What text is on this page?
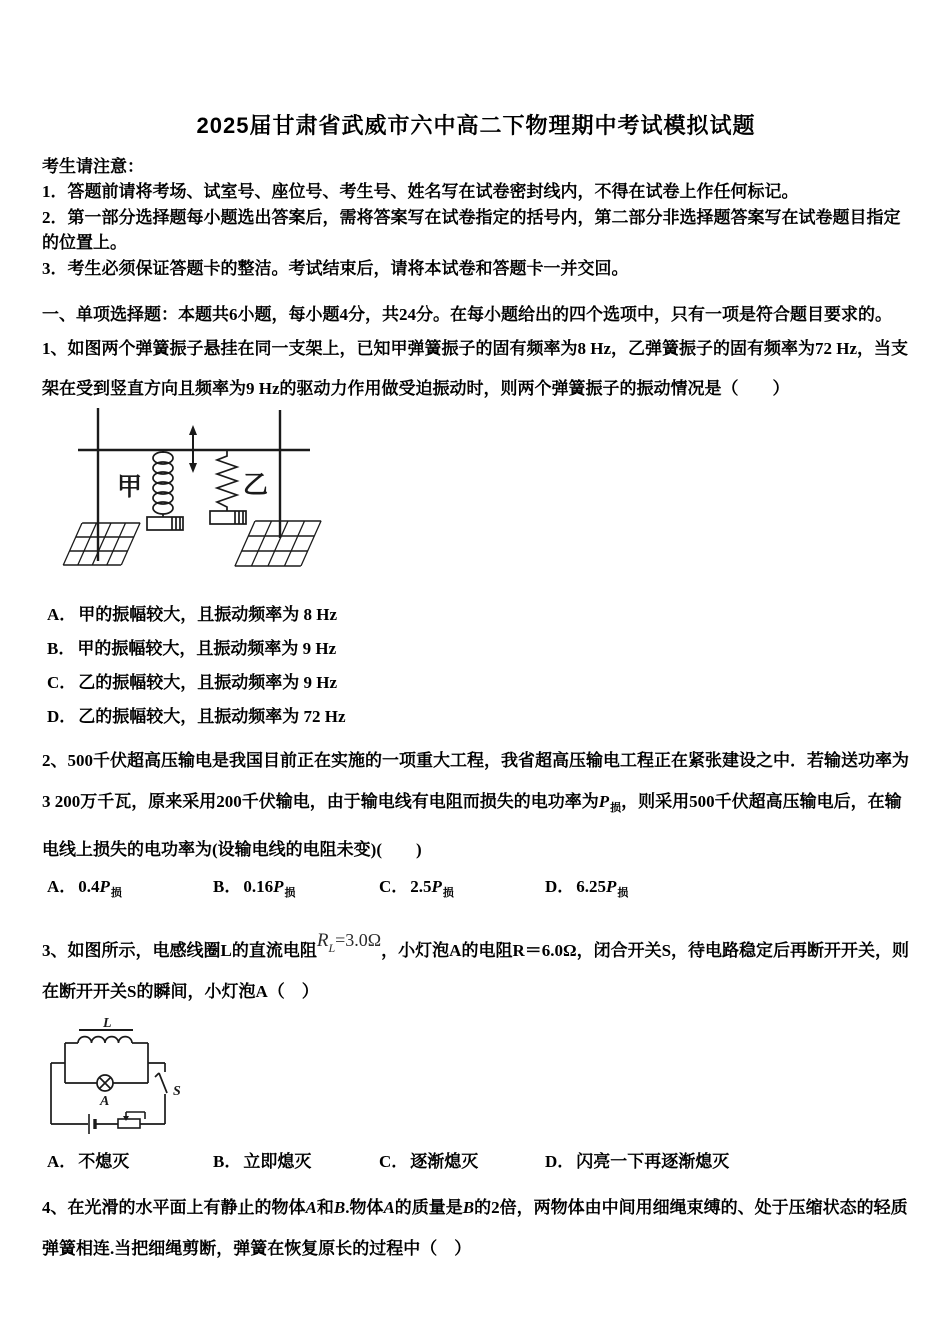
2025届甘肃省武威市六中高二下物理期中考试模拟试题

考生请注意：

1．答题前请将考场、试室号、座位号、考生号、姓名写在试卷密封线内，不得在试卷上作任何标记。

2．第一部分选择题每小题选出答案后，需将答案写在试卷指定的括号内，第二部分非选择题答案写在试卷题目指定的位置上。

3．考生必须保证答题卡的整洁。考试结束后，请将本试卷和答题卡一并交回。

一、单项选择题：本题共6小题，每小题4分，共24分。在每小题给出的四个选项中，只有一项是符合题目要求的。

1、如图两个弹簧振子悬挂在同一支架上，已知甲弹簧振子的固有频率为8 Hz，乙弹簧振子的固有频率为72 Hz，当支架在受到竖直方向且频率为9 Hz的驱动力作用做受迫振动时，则两个弹簧振子的振动情况是（　　）

甲	乙

A． 甲的振幅较大，且振动频率为 8 Hz

B． 甲的振幅较大，且振动频率为 9 Hz

C． 乙的振幅较大，且振动频率为 9 Hz

D． 乙的振幅较大，且振动频率为 72 Hz

2、500千伏超高压输电是我国目前正在实施的一项重大工程，我省超高压输电工程正在紧张建设之中．若输送功率为3 200万千瓦，原来采用200千伏输电，由于输电线有电阻而损失的电功率为$P_损$，则采用500千伏超高压输电后，在输电线上损失的电功率为(设输电线的电阻未变)(　　)

A． $0.4P_损$	B． $0.16P_损$	C． $2.5P_损$	D． $6.25P_损$

3、如图所示，电感线圈L的直流电阻$R^L=3.0\Omega$，小灯泡A的电阻R＝6.0Ω，闭合开关S，待电路稳定后再断开开关，则在断开开关S的瞬间，小灯泡A（　）

L
A
S
A． 不熄灭	B． 立即熄灭	C． 逐渐熄灭	D． 闪亮一下再逐渐熄灭

4、在光滑的水平面上有静止的物体A和B.物体A的质量是B的2倍，两物体由中间用细绳束缚的、处于压缩状态的轻质弹簧相连.当把细绳剪断，弹簧在恢复原长的过程中（　）
